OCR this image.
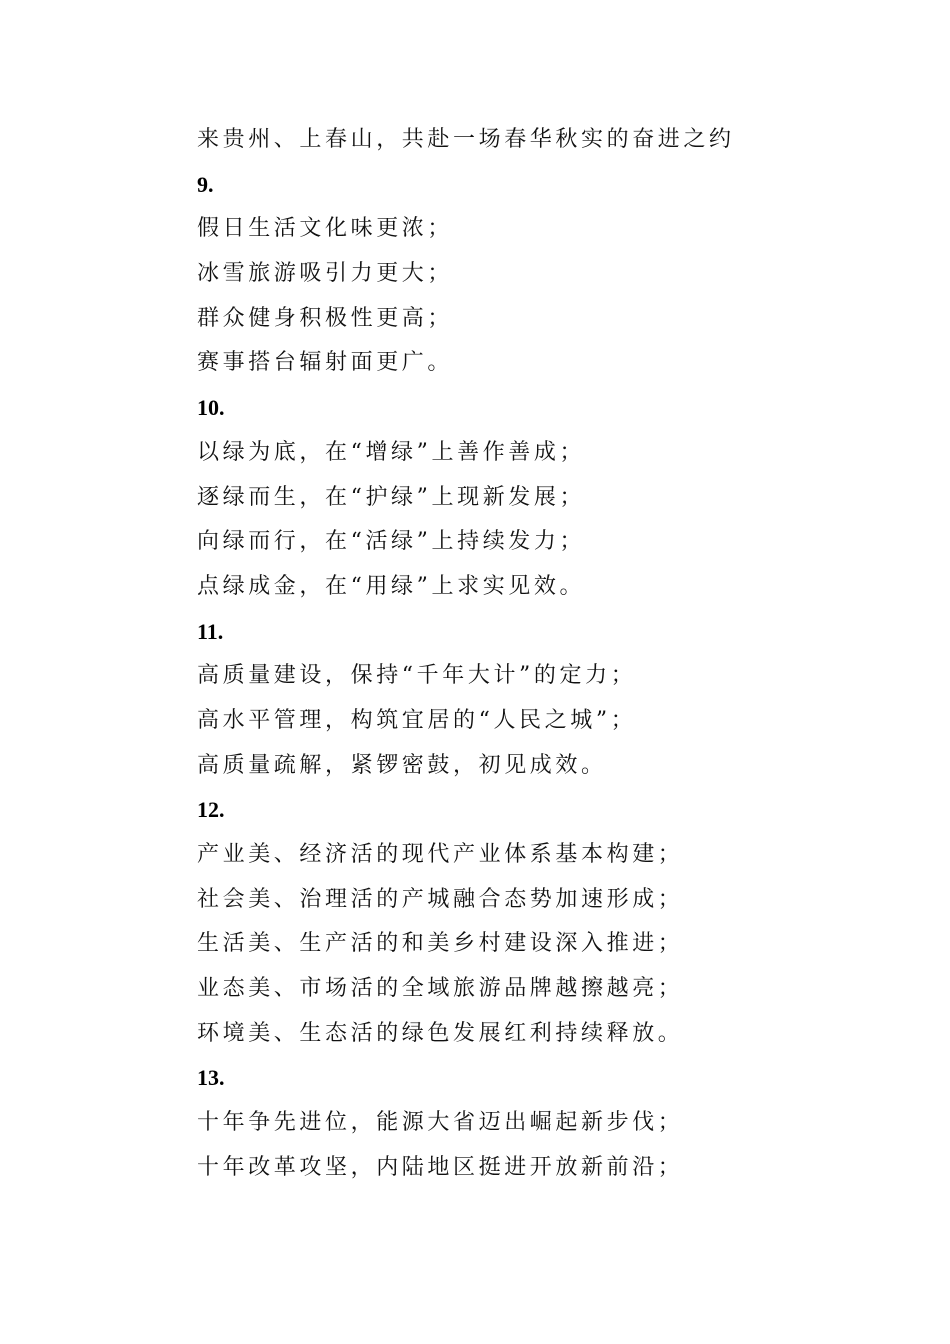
来贵州、上春山，共赴一场春华秋实的奋进之约
9.
假日生活文化味更浓；
冰雪旅游吸引力更大；
群众健身积极性更高；
赛事搭台辐射面更广。
10.
以绿为底，在“增绿”上善作善成；
逐绿而生，在“护绿”上现新发展；
向绿而行，在“活绿”上持续发力；
点绿成金，在“用绿”上求实见效。
11.
高质量建设，保持“千年大计”的定力；
高水平管理，构筑宜居的“人民之城”；
高质量疏解，紧锣密鼓，初见成效。
12.
产业美、经济活的现代产业体系基本构建；
社会美、治理活的产城融合态势加速形成；
生活美、生产活的和美乡村建设深入推进；
业态美、市场活的全域旅游品牌越擦越亮；
环境美、生态活的绿色发展红利持续释放。
13.
十年争先进位，能源大省迈出崛起新步伐；
十年改革攻坚，内陆地区挺进开放新前沿；
